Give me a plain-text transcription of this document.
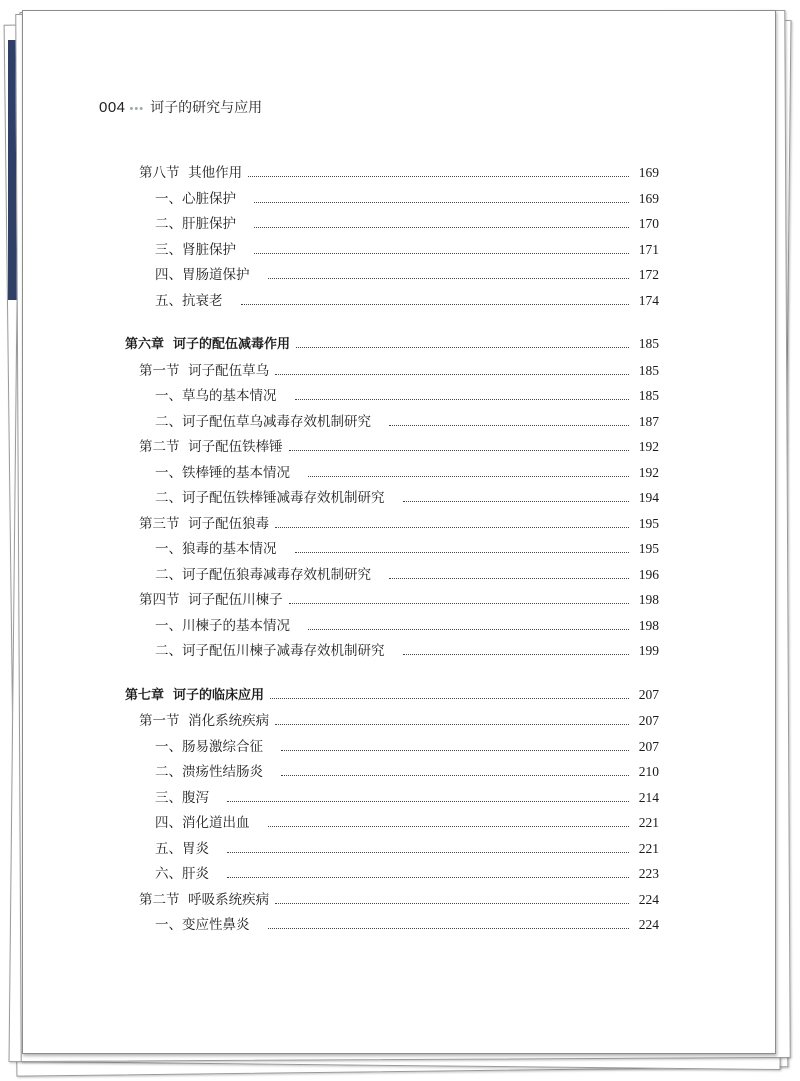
004 ••• 诃子的研究与应用
第八节  其他作用	169
一、心脏保护	169
二、肝脏保护	170
三、肾脏保护	171
四、胃肠道保护	172
五、抗衰老	174
第六章  诃子的配伍减毒作用	185
第一节  诃子配伍草乌	185
一、草乌的基本情况	185
二、诃子配伍草乌减毒存效机制研究	187
第二节  诃子配伍铁棒锤	192
一、铁棒锤的基本情况	192
二、诃子配伍铁棒锤减毒存效机制研究	194
第三节  诃子配伍狼毒	195
一、狼毒的基本情况	195
二、诃子配伍狼毒减毒存效机制研究	196
第四节  诃子配伍川楝子	198
一、川楝子的基本情况	198
二、诃子配伍川楝子减毒存效机制研究	199
第七章  诃子的临床应用	207
第一节  消化系统疾病	207
一、肠易激综合征	207
二、溃疡性结肠炎	210
三、腹泻	214
四、消化道出血	221
五、胃炎	221
六、肝炎	223
第二节  呼吸系统疾病	224
一、变应性鼻炎	224
